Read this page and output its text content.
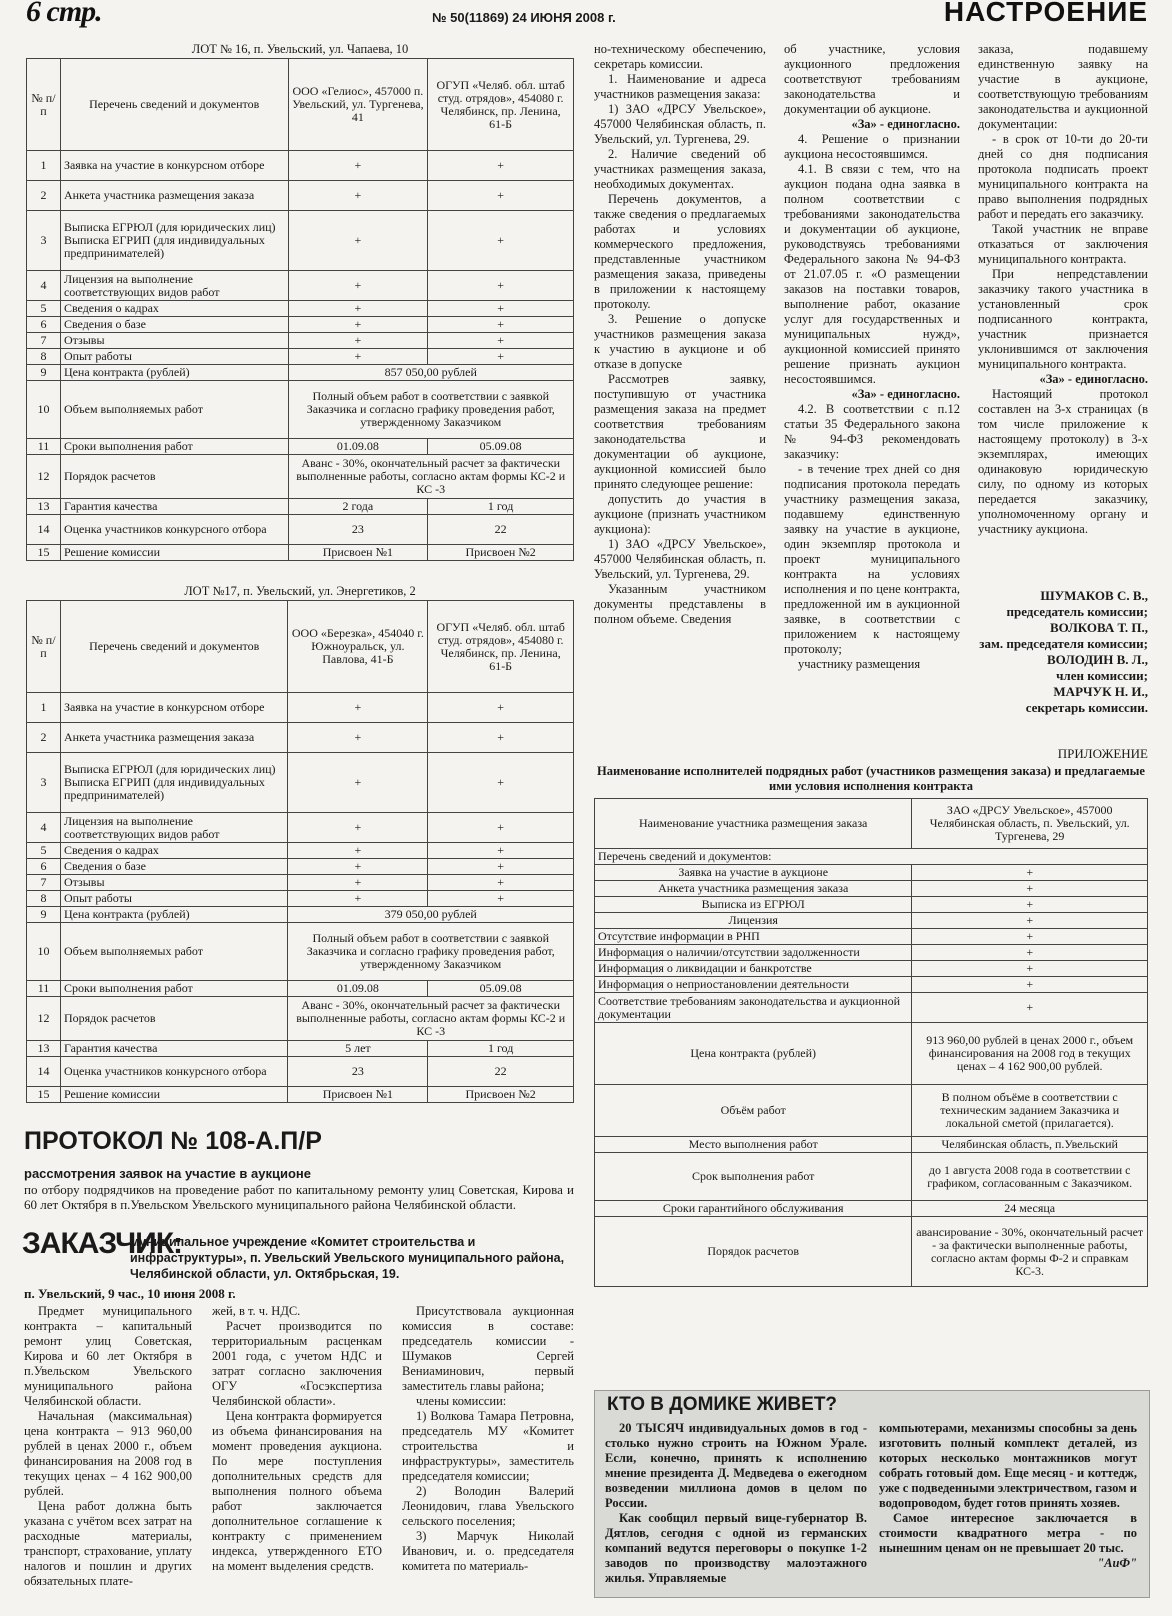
6 стр.	№ 50(11869) 24 ИЮНЯ 2008 г.	НАСТРОЕНИЕ
ЛОТ № 16, п. Увельский, ул. Чапаева, 10
№ п/п	Перечень сведений и документов	ООО «Гелиос», 457000 п. Увельский, ул. Тургенева, 41	ОГУП «Челяб. обл. штаб студ. отрядов», 454080 г. Челябинск, пр. Ленина, 61-Б
1	Заявка на участие в конкурсном отборе	+	+
2	Анкета участника размещения заказа	+	+
3	Выписка ЕГРЮЛ (для юридических лиц) Выписка ЕГРИП (для индивидуальных предпринимателей)	+	+
4	Лицензия на выполнение соответствующих видов работ	+	+
5	Сведения о кадрах	+	+
6	Сведения о базе	+	+
7	Отзывы	+	+
8	Опыт работы	+	+
9	Цена контракта (рублей)	857 050,00 рублей	
10	Объем выполняемых работ	Полный объем работ в соответствии с заявкой Заказчика и согласно графику проведения работ, утвержденному Заказчиком	
11	Сроки выполнения работ	01.09.08	05.09.08
12	Порядок расчетов	Аванс - 30%, окончательный расчет за фактически выполненные работы, согласно актам формы КС-2 и КС -3	
13	Гарантия качества	2 года	1 год
14	Оценка участников конкурсного отбора	23	22
15	Решение комиссии	Присвоен №1	Присвоен №2
ЛОТ №17, п. Увельский, ул. Энергетиков, 2
№ п/п	Перечень сведений и документов	ООО «Березка», 454040 г. Южноуральск, ул. Павлова, 41-Б	ОГУП «Челяб. обл. штаб студ. отрядов», 454080 г. Челябинск, пр. Ленина, 61-Б
1	Заявка на участие в конкурсном отборе	+	+
2	Анкета участника размещения заказа	+	+
3	Выписка ЕГРЮЛ (для юридических лиц) Выписка ЕГРИП (для индивидуальных предпринимателей)	+	+
4	Лицензия на выполнение соответствующих видов работ	+	+
5	Сведения о кадрах	+	+
6	Сведения о базе	+	+
7	Отзывы	+	+
8	Опыт работы	+	+
9	Цена контракта (рублей)	379 050,00 рублей	
10	Объем выполняемых работ	Полный объем работ в соответствии с заявкой Заказчика и согласно графику проведения работ, утвержденному Заказчиком	
11	Сроки выполнения работ	01.09.08	05.09.08
12	Порядок расчетов	Аванс - 30%, окончательный расчет за фактически выполненные работы, согласно актам формы КС-2 и КС -3	
13	Гарантия качества	5 лет	1 год
14	Оценка участников конкурсного отбора	23	22
15	Решение комиссии	Присвоен №1	Присвоен №2

но-техническому обеспечению, секретарь комиссии.

1. Наименование и адреса участников размещения заказа:

1) ЗАО «ДРСУ Увельское», 457000 Челябинская область, п. Увельский, ул. Тургенева, 29.

2. Наличие сведений об участниках размещения заказа, необходимых документах.

Перечень документов, а также сведения о предлагаемых работах и условиях коммерческого предложения, представленные участником размещения заказа, приведены в приложении к настоящему протоколу.

3. Решение о допуске участников размещения заказа к участию в аукционе и об отказе в допуске

Рассмотрев заявку, поступившую от участника размещения заказа на предмет соответствия требованиям законодательства и документации об аукционе, аукционной комиссией было принято следующее решение:

допустить до участия в аукционе (признать участником аукциона):

1) ЗАО «ДРСУ Увельское», 457000 Челябинская область, п. Увельский, ул. Тургенева, 29.

Указанным участником документы представлены в полном объеме. Сведения

об участнике, условия аукционного предложения соответствуют требованиям законодательства и документации об аукционе.

«За» - единогласно.

4. Решение о признании аукциона несостоявшимся.

4.1. В связи с тем, что на аукцион подана одна заявка в полном соответствии с требованиями законодательства и документации об аукционе, руководствуясь требованиями Федерального закона № 94-ФЗ от 21.07.05 г. «О размещении заказов на поставки товаров, выполнение работ, оказание услуг для государственных и муниципальных нужд», аукционной комиссией принято решение признать аукцион несостоявшимся.

«За» - единогласно.

4.2. В соответствии с п.12 статьи 35 Федерального закона № 94-ФЗ рекомендовать заказчику:

- в течение трех дней со дня подписания протокола передать участнику размещения заказа, подавшему единственную заявку на участие в аукционе, один экземпляр протокола и проект муниципального контракта на условиях исполнения и по цене контракта, предложенной им в аукционной заявке, в соответствии с приложением к настоящему протоколу;

участнику размещения

заказа, подавшему единственную заявку на участие в аукционе, соответствующую требованиям законодательства и аукционной документации:

- в срок от 10-ти до 20-ти дней со дня подписания протокола подписать проект муниципального контракта на право выполнения подрядных работ и передать его заказчику.

Такой участник не вправе отказаться от заключения муниципального контракта.

При непредставлении заказчику такого участника в установленный срок подписанного контракта, участник признается уклонившимся от заключения муниципального контракта.

«За» - единогласно.

Настоящий протокол составлен на 3-х страницах (в том числе приложение к настоящему протоколу) в 3-х экземплярах, имеющих одинаковую юридическую силу, по одному из которых передается заказчику, уполномоченному органу и участнику аукциона.

ШУМАКОВ С. В.,
председатель комиссии;
ВОЛКОВА Т. П.,
зам. председателя комиссии;
ВОЛОДИН В. Л.,
член комиссии;
МАРЧУК Н. И.,
секретарь комиссии.
ПРИЛОЖЕНИЕ
Наименование исполнителей подрядных работ (участников размещения заказа) и предлагаемые ими условия исполнения контракта
Наименование участника размещения заказа	ЗАО «ДРСУ Увельское», 457000 Челябинская область, п. Увельский, ул. Тургенева, 29
Перечень сведений и документов:	
Заявка на участие в аукционе	+
Анкета участника размещения заказа	+
Выписка из ЕГРЮЛ	+
Лицензия	+
Отсутствие информации в РНП	+
Информация о наличии/отсутствии задолженности	+
Информация о ликвидации и банкротстве	+
Информация о неприостановлении деятельности	+
Соответствие требованиям законодательства и аукционной документации	+
Цена контракта (рублей)	913 960,00 рублей в ценах 2000 г., объем финансирования на 2008 год в текущих ценах – 4 162 900,00 рублей.
Объём работ	В полном объёме в соответствии с техническим заданием Заказчика и локальной сметой (прилагается).
Место выполнения работ	Челябинская область, п.Увельский
Срок выполнения работ	до 1 августа 2008 года в соответствии с графиком, согласованным с Заказчиком.
Сроки гарантийного обслуживания	24 месяца
Порядок расчетов	авансирование - 30%, окончательный расчет - за фактически выполненные работы, согласно актам формы Ф-2 и справкам КС-3.
ПРОТОКОЛ № 108-А.П/Р
рассмотрения заявок на участие в аукционе
по отбору подрядчиков на проведение работ по капитальному ремонту улиц Советская, Кирова и 60 лет Октября в п.Увельском Увельского муниципального района Челябинской области.
ЗАКАЗЧИК:
муниципальное учреждение «Комитет строительства и инфраструктуры», п. Увельский Увельского муниципального района, Челябинской области, ул. Октябрьская, 19.
п. Увельский, 9 час., 10 июня 2008 г.

Предмет муниципального контракта – капитальный ремонт улиц Советская, Кирова и 60 лет Октября в п.Увельском Увельского муниципального района Челябинской области.

Начальная (максимальная) цена контракта – 913 960,00 рублей в ценах 2000 г., объем финансирования на 2008 год в текущих ценах – 4 162 900,00 рублей.

Цена работ должна быть указана с учётом всех затрат на расходные материалы, транспорт, страхование, уплату налогов и пошлин и других обязательных плате-

жей, в т. ч. НДС.

Расчет производится по территориальным расценкам 2001 года, с учетом НДС и затрат согласно заключения ОГУ «Госэкспертиза Челябинской области».

Цена контракта формируется из объема финансирования на момент проведения аукциона. По мере поступления дополнительных средств для выполнения полного объема работ заключается дополнительное соглашение к контракту с применением индекса, утвержденного ЕТО на момент выделения средств.

Присутствовала аукционная комиссия в составе: председатель комиссии - Шумаков Сергей Вениаминович, первый заместитель главы района;

члены комиссии:

1) Волкова Тамара Петровна, председатель МУ «Комитет строительства и инфраструктуры», заместитель председателя комиссии;

2) Володин Валерий Леонидович, глава Увельского сельского поселения;

3) Марчук Николай Иванович, и. о. председателя комитета по материаль-

КТО В ДОМИКЕ ЖИВЕТ?

20 ТЫСЯЧ индивидуальных домов в год - столько нужно строить на Южном Урале. Если, конечно, принять к исполнению мнение президента Д. Медведева о ежегодном возведении миллиона домов в целом по России.

Как сообщил первый вице-губернатор В. Дятлов, сегодня с одной из германских компаний ведутся переговоры о покупке 1-2 заводов по производству малоэтажного жилья. Управляемые

компьютерами, механизмы способны за день изготовить полный комплект деталей, из которых несколько монтажников могут собрать готовый дом. Еще месяц - и коттедж, уже с подведенными электричеством, газом и водопроводом, будет готов принять хозяев.

Самое интересное заключается в стоимости квадратного метра - по нынешним ценам он не превышает 20 тыс.

"АиФ"
